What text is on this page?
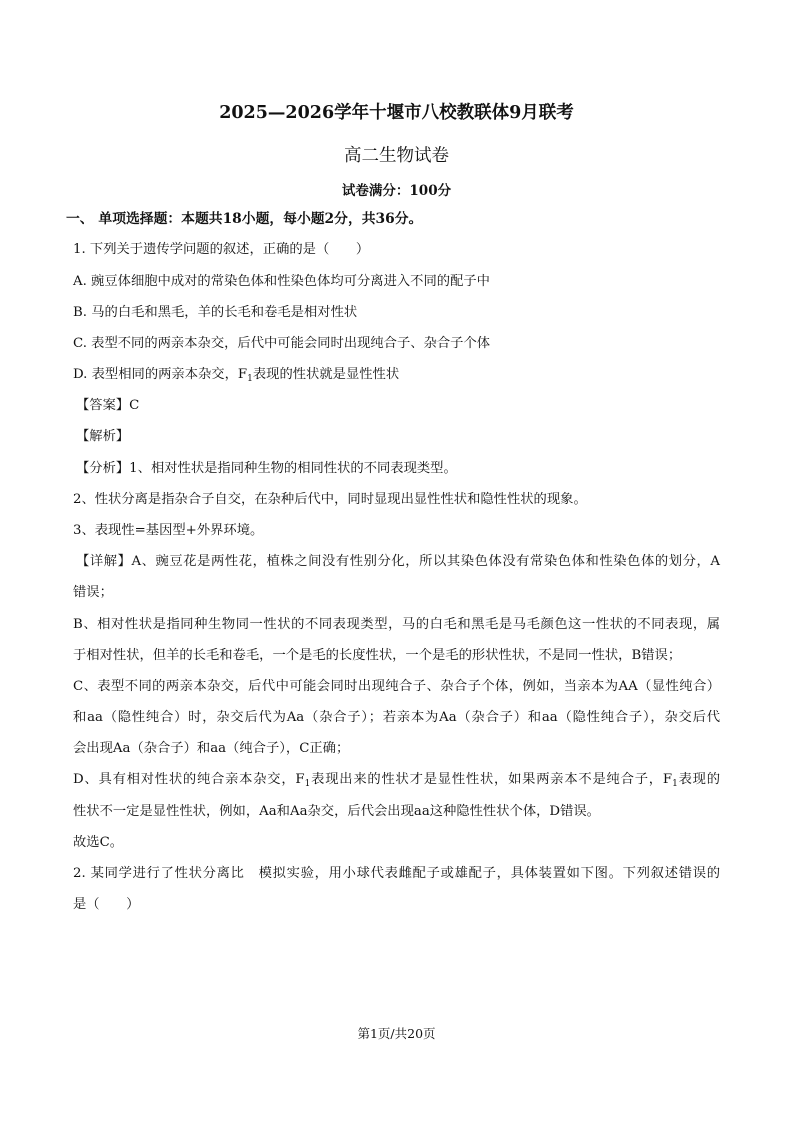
2025—2026学年十堰市八校教联体9月联考
高二生物试卷
试卷满分：100分
一、 单项选择题：本题共18小题，每小题2分，共36分。
1. 下列关于遗传学问题的叙述，正确的是（　　）
A. 豌豆体细胞中成对的常染色体和性染色体均可分离进入不同的配子中
B. 马的白毛和黑毛，羊的长毛和卷毛是相对性状
C. 表型不同的两亲本杂交，后代中可能会同时出现纯合子、杂合子个体
D. 表型相同的两亲本杂交，$F_1$表现的性状就是显性性状
【答案】C
【解析】
【分析】1、相对性状是指同种生物的相同性状的不同表现类型。
2、性状分离是指杂合子自交，在杂种后代中，同时显现出显性性状和隐性性状的现象。
3、表现性=基因型+外界环境。
【详解】A、豌豆花是两性花，植株之间没有性别分化，所以其染色体没有常染色体和性染色体的划分，A
错误；
B、相对性状是指同种生物同一性状的不同表现类型，马的白毛和黑毛是马毛颜色这一性状的不同表现，属
于相对性状，但羊的长毛和卷毛，一个是毛的长度性状，一个是毛的形状性状，不是同一性状，B错误；
C、表型不同的两亲本杂交，后代中可能会同时出现纯合子、杂合子个体，例如，当亲本为AA（显性纯合）
和aa（隐性纯合）时，杂交后代为Aa（杂合子）；若亲本为Aa（杂合子）和aa（隐性纯合子），杂交后代
会出现Aa（杂合子）和aa（纯合子），C正确；
D、具有相对性状的纯合亲本杂交，$F_1$表现出来的性状才是显性性状，如果两亲本不是纯合子，$F_1$表现的
性状不一定是显性性状，例如，Aa和Aa杂交，后代会出现aa这种隐性性状个体，D错误。
故选C。
2. 某同学进行了性状分离比　模拟实验，用小球代表雌配子或雄配子，具体装置如下图。下列叙述错误的
是（　　）
第1页/共20页
